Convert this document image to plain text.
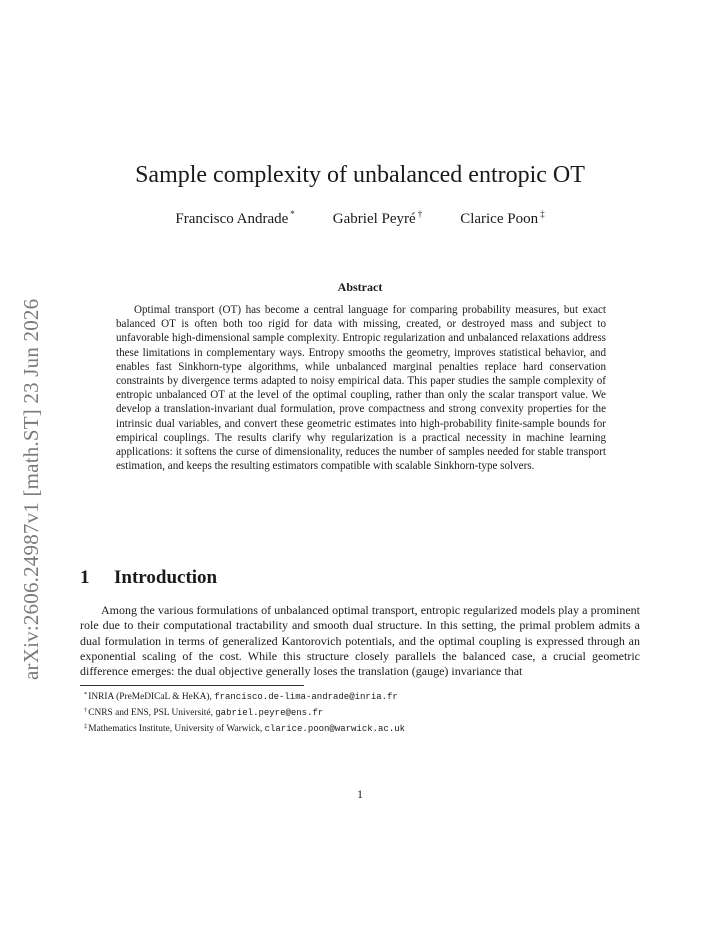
arXiv:2606.24987v1 [math.ST] 23 Jun 2026
Sample complexity of unbalanced entropic OT
Francisco Andrade *	Gabriel Peyré †	Clarice Poon ‡
Abstract
Optimal transport (OT) has become a central language for comparing probability measures, but exact balanced OT is often both too rigid for data with missing, created, or destroyed mass and subject to unfavorable high-dimensional sample complexity. Entropic regularization and unbalanced relaxations address these limitations in complementary ways. Entropy smooths the geometry, improves statistical behavior, and enables fast Sinkhorn-type algorithms, while unbalanced marginal penalties replace hard conservation constraints by divergence terms adapted to noisy empirical data. This paper studies the sample complexity of entropic unbalanced OT at the level of the optimal coupling, rather than only the scalar transport value. We develop a translation-invariant dual formulation, prove compactness and strong convexity properties for the intrinsic dual variables, and convert these geometric estimates into high-probability finite-sample bounds for empirical couplings. The results clarify why regularization is a practical necessity in machine learning applications: it softens the curse of dimensionality, reduces the number of samples needed for stable transport estimation, and keeps the resulting estimators compatible with scalable Sinkhorn-type solvers.
1 Introduction
Among the various formulations of unbalanced optimal transport, entropic regularized models play a prominent role due to their computational tractability and smooth dual structure. In this setting, the primal problem admits a dual formulation in terms of generalized Kantorovich potentials, and the optimal coupling is expressed through an exponential scaling of the cost. While this structure closely parallels the balanced case, a crucial geometric difference emerges: the dual objective generally loses the translation (gauge) invariance that
*INRIA (PreMeDICaL & HeKA), francisco.de-lima-andrade@inria.fr
†CNRS and ENS, PSL Université, gabriel.peyre@ens.fr
‡Mathematics Institute, University of Warwick, clarice.poon@warwick.ac.uk
1
